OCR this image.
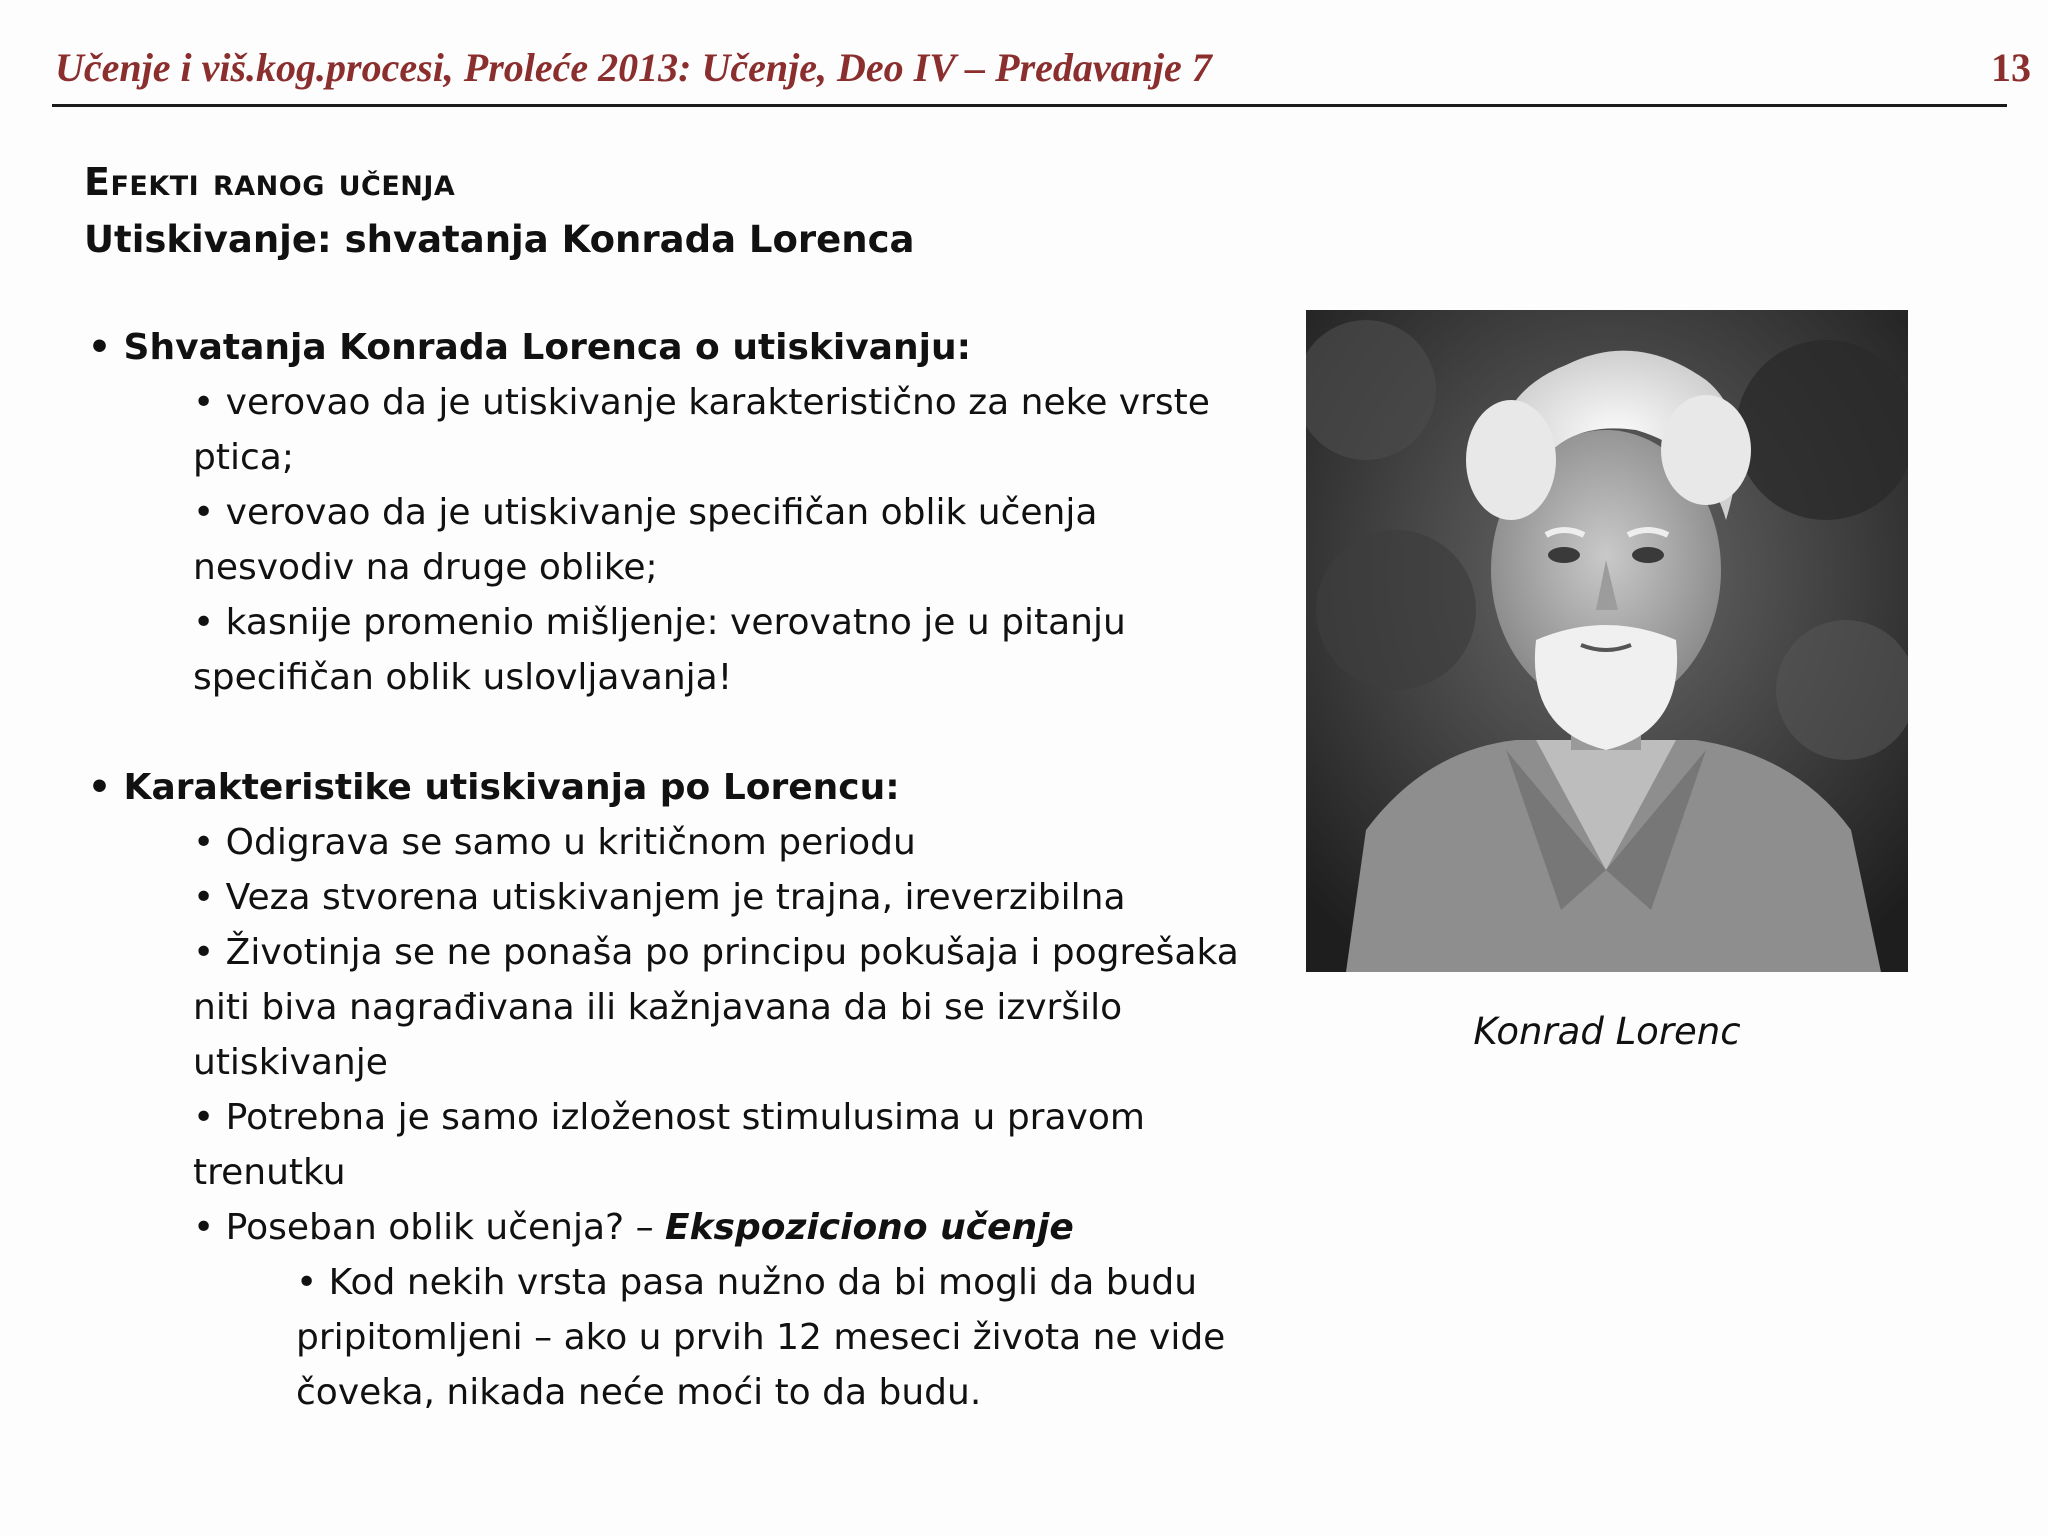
Učenje i viš.kog.procesi, Proleće 2013: Učenje, Deo IV – Predavanje 7	13
Efekti ranog učenja
Utiskivanje: shvatanja Konrada Lorenca
• Shvatanja Konrada Lorenca o utiskivanju:
• verovao da je utiskivanje karakteristično za neke vrste ptica;
• verovao da je utiskivanje specifičan oblik učenja nesvodiv na druge oblike;
• kasnije promenio mišljenje: verovatno je u pitanju specifičan oblik uslovljavanja!
• Karakteristike utiskivanja po Lorencu:
• Odigrava se samo u kritičnom periodu
• Veza stvorena utiskivanjem je trajna, ireverzibilna
• Životinja se ne ponaša po principu pokušaja i pogrešaka niti biva nagrađivana ili kažnjavana da bi se izvršilo utiskivanje
• Potrebna je samo izloženost stimulusima u pravom trenutku
• Poseban oblik učenja? – Ekspoziciono učenje
• Kod nekih vrsta pasa nužno da bi mogli da budu pripitomljeni – ako u prvih 12 meseci života ne vide čoveka, nikada neće moći to da budu.
Konrad Lorenc
